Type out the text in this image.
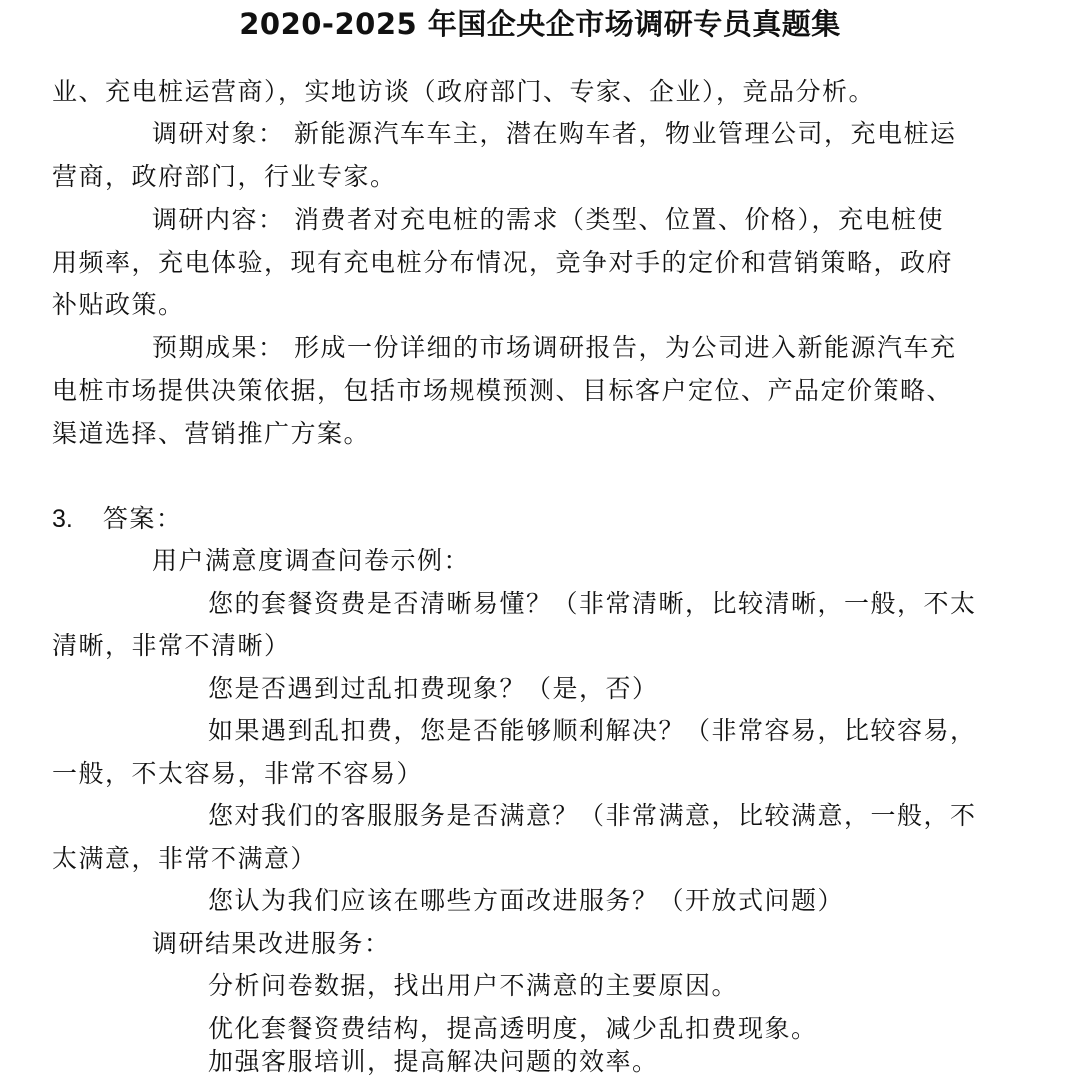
2020-2025 年国企央企市场调研专员真题集
业、充电桩运营商），实地访谈（政府部门、专家、企业），竞品分析。
调研对象： 新能源汽车车主，潜在购车者，物业管理公司，充电桩运
营商，政府部门，行业专家。
调研内容： 消费者对充电桩的需求（类型、位置、价格），充电桩使
用频率，充电体验，现有充电桩分布情况，竞争对手的定价和营销策略，政府
补贴政策。
预期成果： 形成一份详细的市场调研报告，为公司进入新能源汽车充
电桩市场提供决策依据，包括市场规模预测、目标客户定位、产品定价策略、
渠道选择、营销推广方案。
3. 答案：
用户满意度调查问卷示例：
您的套餐资费是否清晰易懂？（非常清晰，比较清晰，一般，不太
清晰，非常不清晰）
您是否遇到过乱扣费现象？（是，否）
如果遇到乱扣费，您是否能够顺利解决？（非常容易，比较容易，
一般，不太容易，非常不容易）
您对我们的客服服务是否满意？（非常满意，比较满意，一般，不
太满意，非常不满意）
您认为我们应该在哪些方面改进服务？（开放式问题）
调研结果改进服务：
分析问卷数据，找出用户不满意的主要原因。
优化套餐资费结构，提高透明度，减少乱扣费现象。
加强客服培训，提高解决问题的效率。
